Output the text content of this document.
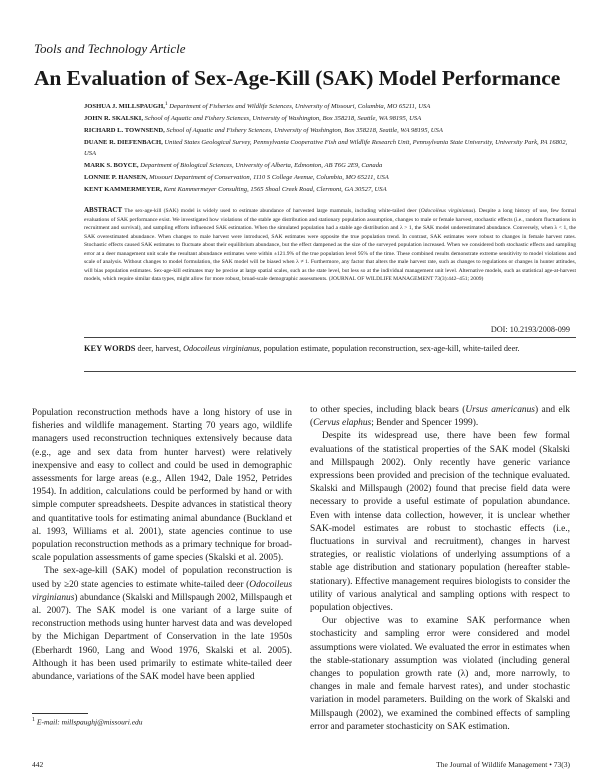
Tools and Technology Article
An Evaluation of Sex-Age-Kill (SAK) Model Performance

JOSHUA J. MILLSPAUGH,$^1$ Department of Fisheries and Wildlife Sciences, University of Missouri, Columbia, MO 65211, USA

JOHN R. SKALSKI, School of Aquatic and Fishery Sciences, University of Washington, Box 358218, Seattle, WA 98195, USA

RICHARD L. TOWNSEND, School of Aquatic and Fishery Sciences, University of Washington, Box 358218, Seattle, WA 98195, USA

DUANE R. DIEFENBACH, United States Geological Survey, Pennsylvania Cooperative Fish and Wildlife Research Unit, Pennsylvania State University, University Park, PA 16802, USA

MARK S. BOYCE, Department of Biological Sciences, University of Alberta, Edmonton, AB T6G 2E9, Canada

LONNIE P. HANSEN, Missouri Department of Conservation, 1110 S College Avenue, Columbia, MO 65211, USA

KENT KAMMERMEYER, Kent Kammermeyer Consulting, 1565 Shoal Creek Road, Clermont, GA 30527, USA

ABSTRACT The sex-age-kill (SAK) model is widely used to estimate abundance of harvested large mammals, including white-tailed deer (Odocoileus virginianus). Despite a long history of use, few formal evaluations of SAK performance exist. We investigated how violations of the stable age distribution and stationary population assumption, changes to male or female harvest, stochastic effects (i.e., random fluctuations in recruitment and survival), and sampling efforts influenced SAK estimation. When the simulated population had a stable age distribution and λ > 1, the SAK model underestimated abundance. Conversely, when λ < 1, the SAK overestimated abundance. When changes to male harvest were introduced, SAK estimates were opposite the true population trend. In contrast, SAK estimates were robust to changes in female harvest rates. Stochastic effects caused SAK estimates to fluctuate about their equilibrium abundance, but the effect dampened as the size of the surveyed population increased. When we considered both stochastic effects and sampling error at a deer management unit scale the resultant abundance estimates were within ±121.9% of the true population level 95% of the time. These combined results demonstrate extreme sensitivity to model violations and scale of analysis. Without changes to model formulation, the SAK model will be biased when λ ≠ 1. Furthermore, any factor that alters the male harvest rate, such as changes to regulations or changes in hunter attitudes, will bias population estimates. Sex-age-kill estimates may be precise at large spatial scales, such as the state level, but less so at the individual management unit level. Alternative models, such as statistical age-at-harvest models, which require similar data types, might allow for more robust, broad-scale demographic assessments. (JOURNAL OF WILDLIFE MANAGEMENT 73(3):442–451; 2009)
DOI: 10.2193/2008-099
KEY WORDS deer, harvest, Odocoileus virginianus, population estimate, population reconstruction, sex-age-kill, white-tailed deer.

Population reconstruction methods have a long history of use in fisheries and wildlife management. Starting 70 years ago, wildlife managers used reconstruction techniques extensively because data (e.g., age and sex data from hunter harvest) were relatively inexpensive and easy to collect and could be used in demographic assessments for large areas (e.g., Allen 1942, Dale 1952, Petrides 1954). In addition, calculations could be performed by hand or with simple computer spreadsheets. Despite advances in statistical theory and quantitative tools for estimating animal abundance (Buckland et al. 1993, Williams et al. 2001), state agencies continue to use population reconstruction methods as a primary technique for broad-scale population assessments of game species (Skalski et al. 2005).

The sex-age-kill (SAK) model of population reconstruction is used by ≥20 state agencies to estimate white-tailed deer (Odocoileus virginianus) abundance (Skalski and Millspaugh 2002, Millspaugh et al. 2007). The SAK model is one variant of a large suite of reconstruction methods using hunter harvest data and was developed by the Michigan Department of Conservation in the late 1950s (Eberhardt 1960, Lang and Wood 1976, Skalski et al. 2005). Although it has been used primarily to estimate white-tailed deer abundance, variations of the SAK model have been applied

to other species, including black bears (Ursus americanus) and elk (Cervus elaphus; Bender and Spencer 1999).

Despite its widespread use, there have been few formal evaluations of the statistical properties of the SAK model (Skalski and Millspaugh 2002). Only recently have generic variance expressions been provided and precision of the technique evaluated. Skalski and Millspaugh (2002) found that precise field data were necessary to provide a useful estimate of population abundance. Even with intense data collection, however, it is unclear whether SAK-model estimates are robust to stochastic effects (i.e., fluctuations in survival and recruitment), changes in harvest strategies, or realistic violations of underlying assumptions of a stable age distribution and stationary population (hereafter stable-stationary). Effective management requires biologists to consider the utility of various analytical and sampling options with respect to population objectives.

Our objective was to examine SAK performance when stochasticity and sampling error were considered and model assumptions were violated. We evaluated the error in estimates when the stable-stationary assumption was violated (including general changes to population growth rate (λ) and, more narrowly, to changes in male and female harvest rates), and under stochastic variation in model parameters. Building on the work of Skalski and Millspaugh (2002), we examined the combined effects of sampling error and parameter stochasticity on SAK estimation.

$^1$ E-mail: millspaughj@missouri.edu
442	The Journal of Wildlife Management • 73(3)
